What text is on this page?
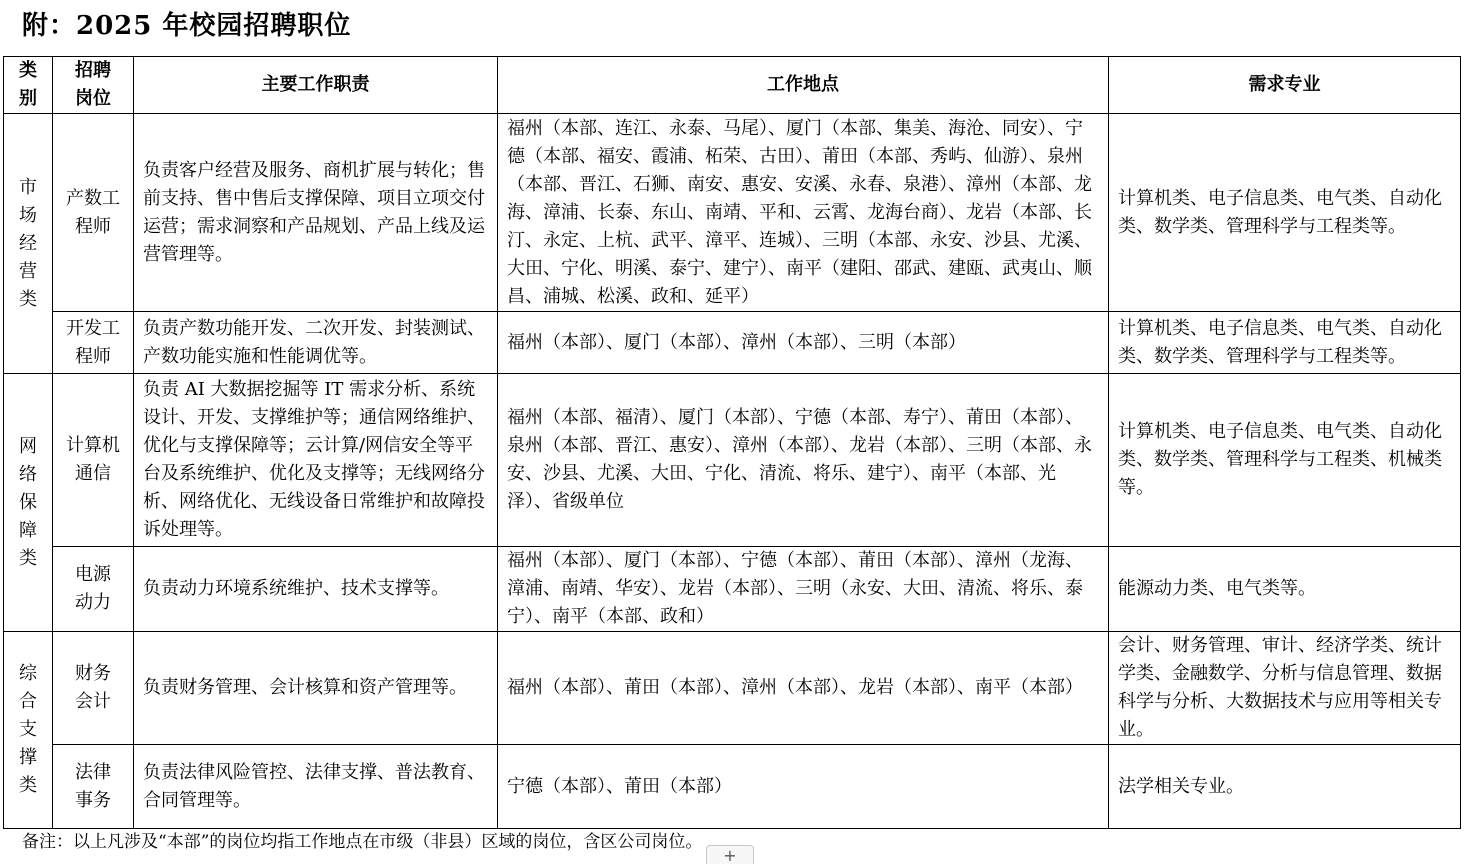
附：2025 年校园招聘职位
类别	招聘岗位	主要工作职责	工作地点	需求专业

市场经营类	产数工程师	负责客户经营及服务、商机扩展与转化；售前支持、售中售后支撑保障、项目立项交付运营；需求洞察和产品规划、产品上线及运营管理等。	福州（本部、连江、永泰、马尾）、厦门（本部、集美、海沧、同安）、宁德（本部、福安、霞浦、柘荣、古田）、莆田（本部、秀屿、仙游）、泉州（本部、晋江、石狮、南安、惠安、安溪、永春、泉港）、漳州（本部、龙海、漳浦、长泰、东山、南靖、平和、云霄、龙海台商）、龙岩（本部、长汀、永定、上杭、武平、漳平、连城）、三明（本部、永安、沙县、尤溪、大田、宁化、明溪、泰宁、建宁）、南平（建阳、邵武、建瓯、武夷山、顺昌、浦城、松溪、政和、延平）	计算机类、电子信息类、电气类、自动化类、数学类、管理科学与工程类等。

	开发工程师	负责产数功能开发、二次开发、封装测试、产数功能实施和性能调优等。	福州（本部）、厦门（本部）、漳州（本部）、三明（本部）	计算机类、电子信息类、电气类、自动化类、数学类、管理科学与工程类等。

网络保障类	计算机通信	负责 AI 大数据挖掘等 IT 需求分析、系统设计、开发、支撑维护等；通信网络维护、优化与支撑保障等；云计算/网信安全等平台及系统维护、优化及支撑等；无线网络分析、网络优化、无线设备日常维护和故障投诉处理等。	福州（本部、福清）、厦门（本部）、宁德（本部、寿宁）、莆田（本部）、泉州（本部、晋江、惠安）、漳州（本部）、龙岩（本部）、三明（本部、永安、沙县、尤溪、大田、宁化、清流、将乐、建宁）、南平（本部、光泽）、省级单位	计算机类、电子信息类、电气类、自动化类、数学类、管理科学与工程类、机械类等。

	电源动力	负责动力环境系统维护、技术支撑等。	福州（本部）、厦门（本部）、宁德（本部）、莆田（本部）、漳州（龙海、漳浦、南靖、华安）、龙岩（本部）、三明（永安、大田、清流、将乐、泰宁）、南平（本部、政和）	能源动力类、电气类等。

综合支撑类	财务会计	负责财务管理、会计核算和资产管理等。	福州（本部）、莆田（本部）、漳州（本部）、龙岩（本部）、南平（本部）	会计、财务管理、审计、经济学类、统计学类、金融数学、分析与信息管理、数据科学与分析、大数据技术与应用等相关专业。

	法律事务	负责法律风险管控、法律支撑、普法教育、合同管理等。	宁德（本部）、莆田（本部）	法学相关专业。
备注：以上凡涉及“本部”的岗位均指工作地点在市级（非县）区域的岗位，含区公司岗位。
+
